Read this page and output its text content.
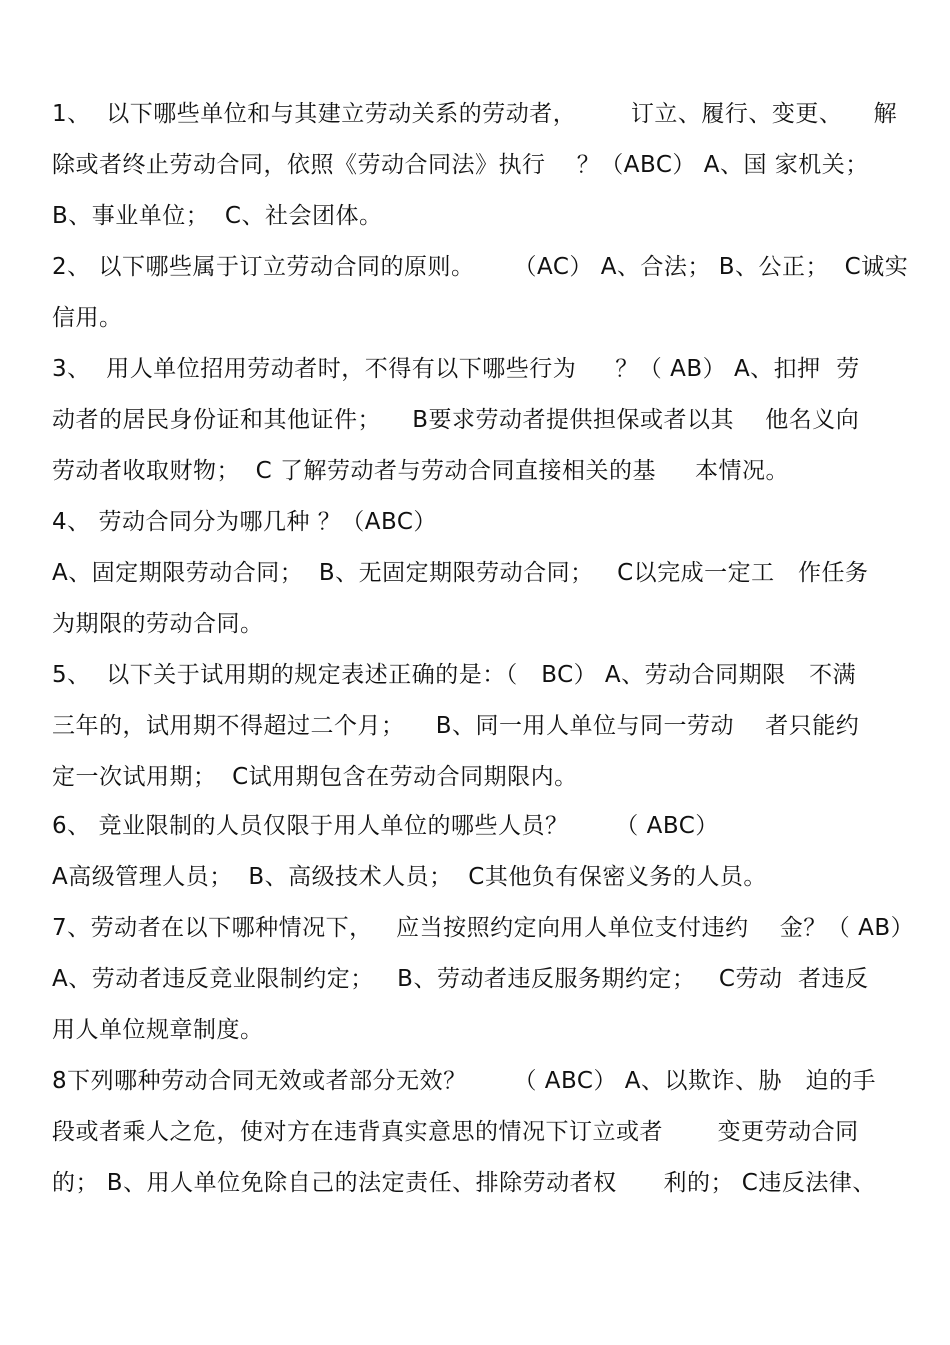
1、  以下哪些单位和与其建立劳动关系的劳动者，       订立、履行、变更、    解
除或者终止劳动合同，依照《劳动合同法》执行    ？（ABC） A、国 家机关；
B、事业单位；  C、社会团体。
2、 以下哪些属于订立劳动合同的原则。     （AC） A、合法； B、公正；  C诚实
信用。
3、  用人单位招用劳动者时，不得有以下哪些行为     ？（ AB） A、扣押  劳
动者的居民身份证和其他证件；    B要求劳动者提供担保或者以其    他名义向
劳动者收取财物；  C 了解劳动者与劳动合同直接相关的基     本情况。
4、 劳动合同分为哪几种 ？（ABC）
A、固定期限劳动合同；  B、无固定期限劳动合同；   C以完成一定工   作任务
为期限的劳动合同。
5、  以下关于试用期的规定表述正确的是：（   BC） A、劳动合同期限   不满
三年的，试用期不得超过二个月；    B、同一用人单位与同一劳动    者只能约
定一次试用期；  C试用期包含在劳动合同期限内。
6、 竞业限制的人员仅限于用人单位的哪些人员？      （ ABC）
A高级管理人员；  B、高级技术人员；  C其他负有保密义务的人员。
7、劳动者在以下哪种情况下，   应当按照约定向用人单位支付违约    金？（ AB）
A、劳动者违反竞业限制约定；   B、劳动者违反服务期约定；   C劳动  者违反
用人单位规章制度。
8下列哪种劳动合同无效或者部分无效？      （ ABC） A、以欺诈、胁   迫的手
段或者乘人之危，使对方在违背真实意思的情况下订立或者       变更劳动合同
的； B、用人单位免除自己的法定责任、排除劳动者权      利的； C违反法律、
